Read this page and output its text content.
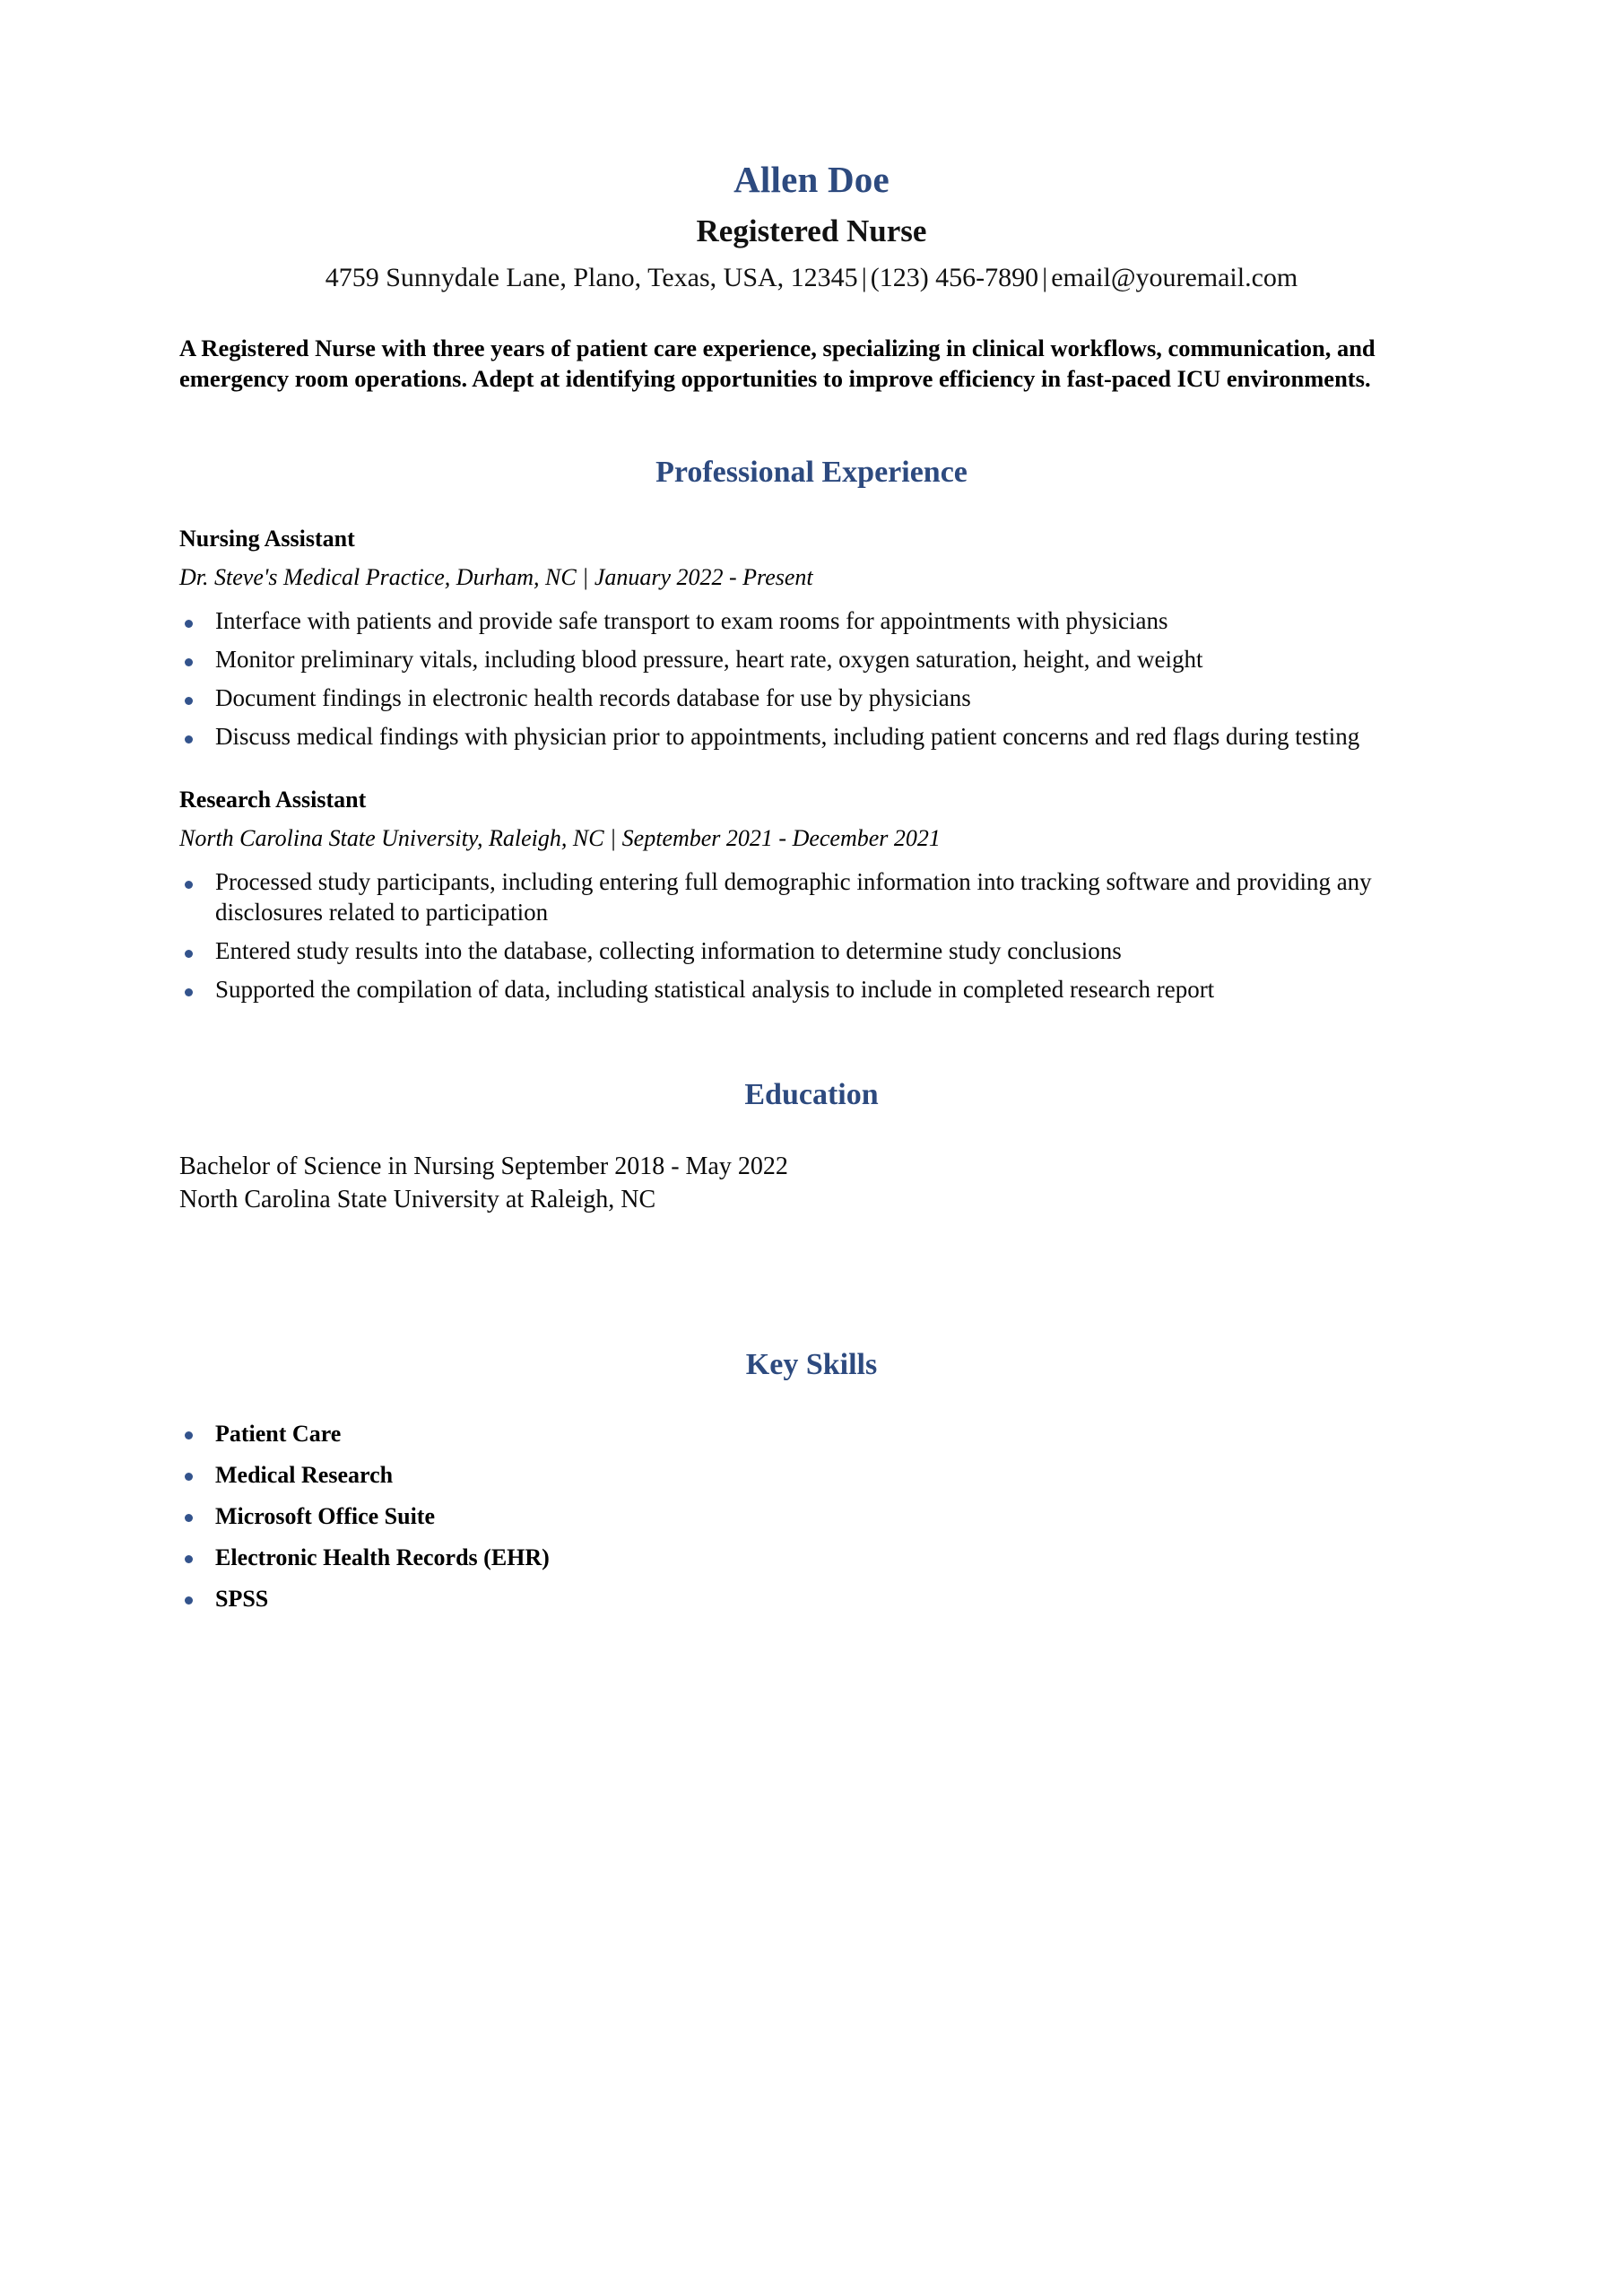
Allen Doe
Registered Nurse
4759 Sunnydale Lane, Plano, Texas, USA, 12345 | (123) 456-7890 | email@youremail.com
A Registered Nurse with three years of patient care experience, specializing in clinical workflows, communication, and emergency room operations. Adept at identifying opportunities to improve efficiency in fast-paced ICU environments.
Professional Experience
Nursing Assistant
Dr. Steve's Medical Practice, Durham, NC | January 2022 - Present
Interface with patients and provide safe transport to exam rooms for appointments with physicians
Monitor preliminary vitals, including blood pressure, heart rate, oxygen saturation, height, and weight
Document findings in electronic health records database for use by physicians
Discuss medical findings with physician prior to appointments, including patient concerns and red flags during testing
Research Assistant
North Carolina State University, Raleigh, NC | September 2021 - December 2021
Processed study participants, including entering full demographic information into tracking software and providing any disclosures related to participation
Entered study results into the database, collecting information to determine study conclusions
Supported the compilation of data, including statistical analysis to include in completed research report
Education
Bachelor of Science in Nursing September 2018 - May 2022
North Carolina State University at Raleigh, NC
Key Skills
Patient Care
Medical Research
Microsoft Office Suite
Electronic Health Records (EHR)
SPSS
